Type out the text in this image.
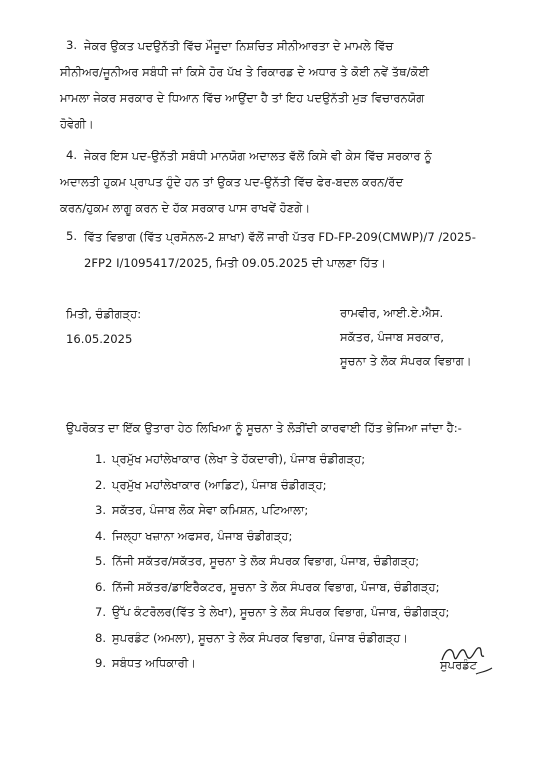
3. ਜੇਕਰ ਉਕਤ ਪਦਉਨੱਤੀ ਵਿੱਚ ਮੌਜੂਦਾ ਨਿਸ਼ਚਿਤ ਸੀਨੀਆਰਤਾ ਦੇ ਮਾਮਲੇ ਵਿੱਚ
ਸੀਨੀਅਰ/ਜੂਨੀਅਰ ਸਬੰਧੀ ਜਾਂ ਕਿਸੇ ਹੋਰ ਪੱਖ ਤੇ ਰਿਕਾਰਡ ਦੇ ਅਧਾਰ ਤੇ ਕੋਈ ਨਵੇਂ ਤੱਥ/ਕੋਈ
ਮਾਮਲਾ ਜੇਕਰ ਸਰਕਾਰ ਦੇ ਧਿਆਨ ਵਿੱਚ ਆਉਂਦਾ ਹੈ ਤਾਂ ਇਹ ਪਦਉਨੱਤੀ ਮੁੜ ਵਿਚਾਰਨਯੋਗ
ਹੋਵੇਗੀ।
4. ਜੇਕਰ ਇਸ ਪਦ-ਉਨੱਤੀ ਸਬੰਧੀ ਮਾਨਯੋਗ ਅਦਾਲਤ ਵੱਲੋਂ ਕਿਸੇ ਵੀ ਕੇਸ ਵਿੱਚ ਸਰਕਾਰ ਨੂੰ
ਅਦਾਲਤੀ ਹੁਕਮ ਪ੍ਰਾਪਤ ਹੁੰਦੇ ਹਨ ਤਾਂ ਉਕਤ ਪਦ-ਉਨੱਤੀ ਵਿੱਚ ਫੇਰ-ਬਦਲ ਕਰਨ/ਰੱਦ
ਕਰਨ/ਹੁਕਮ ਲਾਗੂ ਕਰਨ ਦੇ ਹੱਕ ਸਰਕਾਰ ਪਾਸ ਰਾਖਵੇਂ ਹੋਣਗੇ।
5. ਵਿੱਤ ਵਿਭਾਗ (ਵਿੱਤ ਪ੍ਰਸੋਨਲ-2 ਸ਼ਾਖਾ) ਵੱਲੋਂ ਜਾਰੀ ਪੱਤਰ FD-FP-209(CMWP)/7 /2025-
2FP2 I/1095417/2025, ਮਿਤੀ 09.05.2025 ਦੀ ਪਾਲਣਾ ਹਿੱਤ।
ਮਿਤੀ, ਚੰਡੀਗੜ੍ਹ:
16.05.2025
ਰਾਮਵੀਰ, ਆਈ.ਏ.ਐਸ.
ਸਕੱਤਰ, ਪੰਜਾਬ ਸਰਕਾਰ,
ਸੂਚਨਾ ਤੇ ਲੋਕ ਸੰਪਰਕ ਵਿਭਾਗ।
ਉਪਰੋਕਤ ਦਾ ਇੱਕ ਉਤਾਰਾ ਹੇਠ ਲਿਖਿਆ ਨੂੰ ਸੂਚਨਾ ਤੇ ਲੋੜੀਂਦੀ ਕਾਰਵਾਈ ਹਿੱਤ ਭੇਜਿਆ ਜਾਂਦਾ ਹੈ:-
1. ਪ੍ਰਮੁੱਖ ਮਹਾਂਲੇਖਾਕਾਰ (ਲੇਖਾ ਤੇ ਹੱਕਦਾਰੀ), ਪੰਜਾਬ ਚੰਡੀਗੜ੍ਹ;
2. ਪ੍ਰਮੁੱਖ ਮਹਾਂਲੇਖਾਕਾਰ (ਆਡਿਟ), ਪੰਜਾਬ ਚੰਡੀਗੜ੍ਹ;
3. ਸਕੱਤਰ, ਪੰਜਾਬ ਲੋਕ ਸੇਵਾ ਕਮਿਸ਼ਨ, ਪਟਿਆਲਾ;
4. ਜਿਲ੍ਹਾ ਖਜ਼ਾਨਾ ਅਫਸਰ, ਪੰਜਾਬ ਚੰਡੀਗੜ੍ਹ;
5. ਨਿੱਜੀ ਸਕੱਤਰ/ਸਕੱਤਰ, ਸੂਚਨਾ ਤੇ ਲੋਕ ਸੰਪਰਕ ਵਿਭਾਗ, ਪੰਜਾਬ, ਚੰਡੀਗੜ੍ਹ;
6. ਨਿੱਜੀ ਸਕੱਤਰ/ਡਾਇਰੈਕਟਰ, ਸੂਚਨਾ ਤੇ ਲੋਕ ਸੰਪਰਕ ਵਿਭਾਗ, ਪੰਜਾਬ, ਚੰਡੀਗੜ੍ਹ;
7. ਉੱਪ ਕੰਟਰੋਲਰ(ਵਿੱਤ ਤੇ ਲੇਖਾ), ਸੂਚਨਾ ਤੇ ਲੋਕ ਸੰਪਰਕ ਵਿਭਾਗ, ਪੰਜਾਬ, ਚੰਡੀਗੜ੍ਹ;
8. ਸੁਪਰਡੰਟ (ਅਮਲਾ), ਸੂਚਨਾ ਤੇ ਲੋਕ ਸੰਪਰਕ ਵਿਭਾਗ, ਪੰਜਾਬ ਚੰਡੀਗੜ੍ਹ।
9. ਸਬੰਧਤ ਅਧਿਕਾਰੀ।	ਸੁਪਰਡੰਟ
